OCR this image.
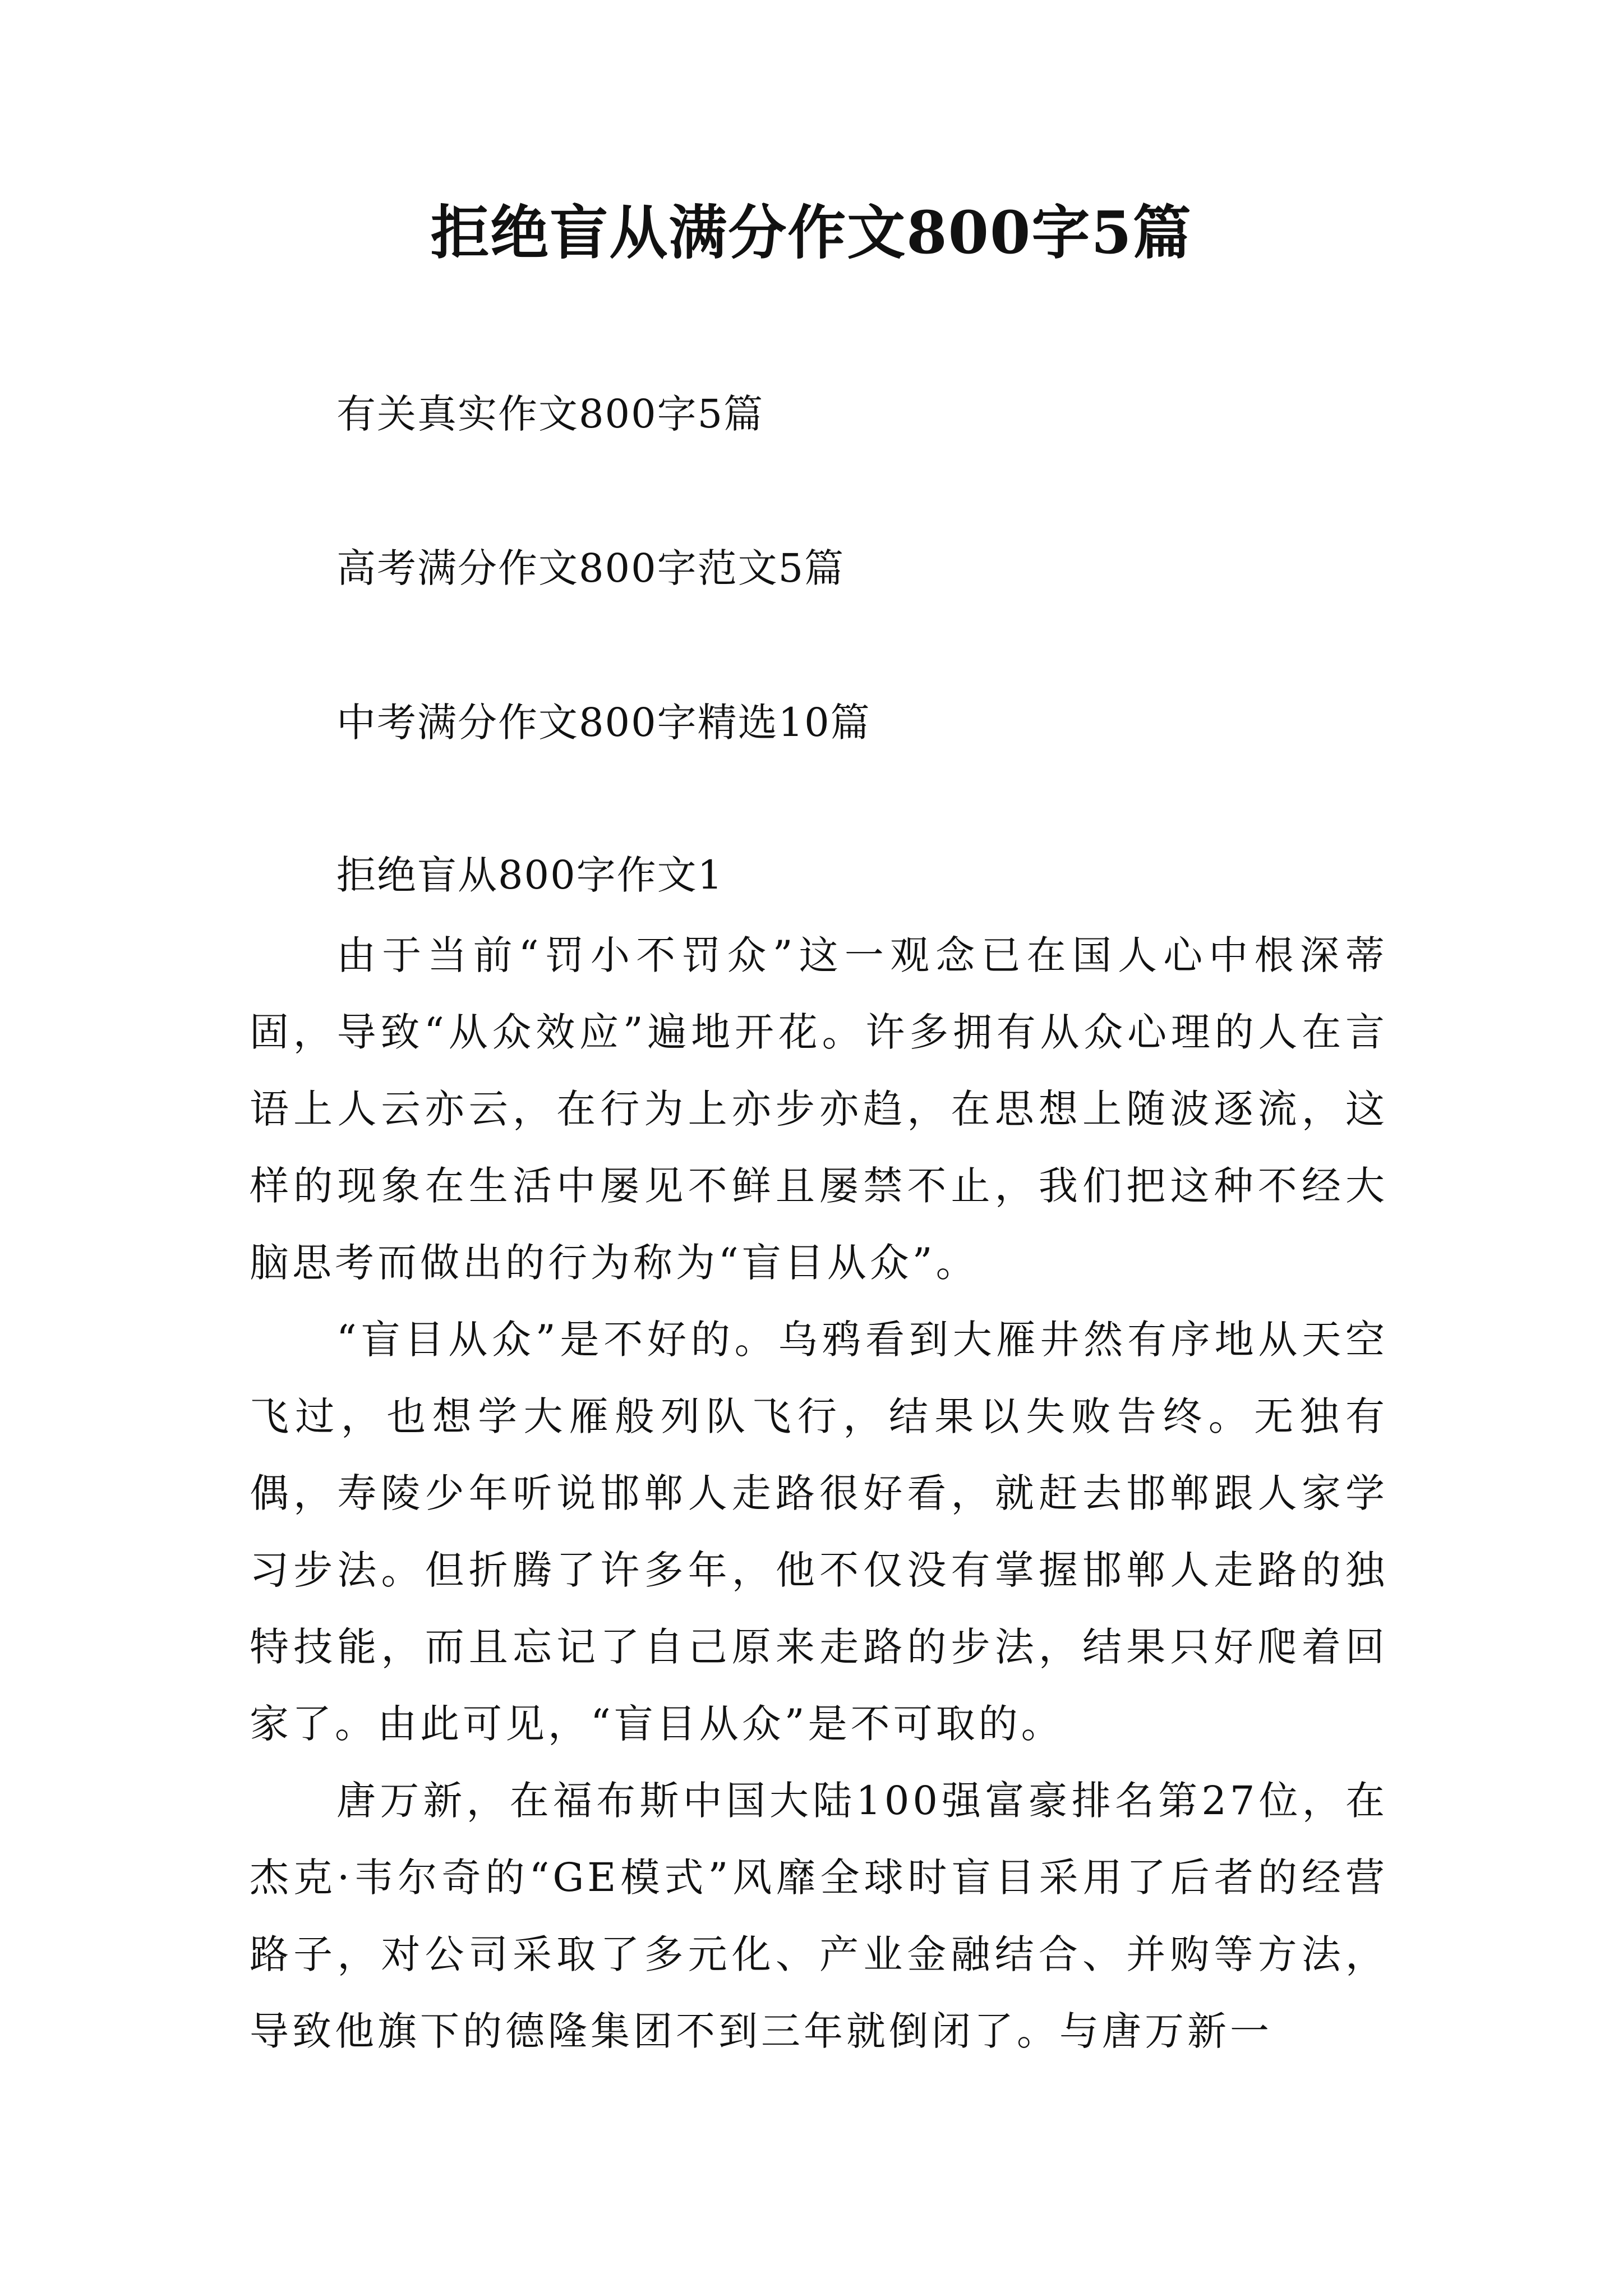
拒绝盲从满分作文800字5篇
有关真实作文800字5篇
高考满分作文800字范文5篇
中考满分作文800字精选10篇
拒绝盲从800字作文1

由于当前“罚小不罚众”这一观念已在国人心中根深蒂固，导致“从众效应”遍地开花。许多拥有从众心理的人在言语上人云亦云，在行为上亦步亦趋，在思想上随波逐流，这样的现象在生活中屡见不鲜且屡禁不止，我们把这种不经大脑思考而做出的行为称为“盲目从众”。

“盲目从众”是不好的。乌鸦看到大雁井然有序地从天空飞过，也想学大雁般列队飞行，结果以失败告终。无独有偶，寿陵少年听说邯郸人走路很好看，就赶去邯郸跟人家学习步法。但折腾了许多年，他不仅没有掌握邯郸人走路的独特技能，而且忘记了自己原来走路的步法，结果只好爬着回家了。由此可见，“盲目从众”是不可取的。

唐万新，在福布斯中国大陆100强富豪排名第27位，在杰克·韦尔奇的“GE模式”风靡全球时盲目采用了后者的经营路子，对公司采取了多元化、产业金融结合、并购等方法，导致他旗下的德隆集团不到三年就倒闭了。与唐万新一
